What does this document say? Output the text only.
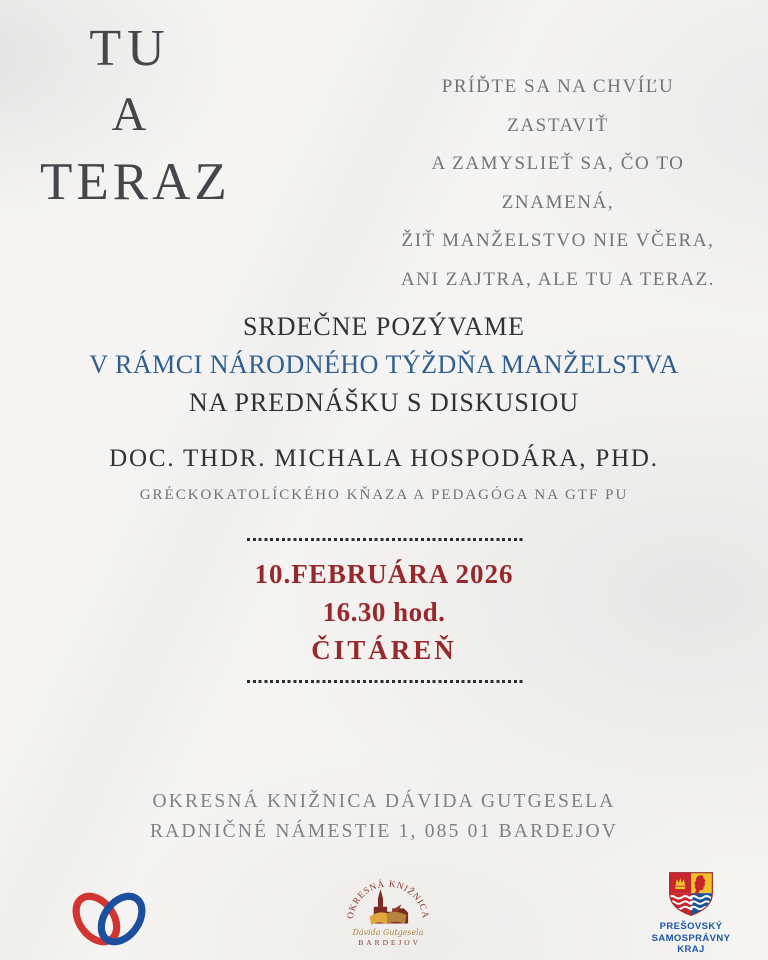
TU
A
TERAZ
PRÍĎTE SA NA CHVÍĽU ZASTAVIŤ
A ZAMYSLIEŤ SA, ČO TO ZNAMENÁ,
ŽIŤ MANŽELSTVO NIE VČERA,
ANI ZAJTRA, ALE TU A TERAZ.
SRDEČNE POZÝVAME
V RÁMCI NÁRODNÉHO TÝŽDŇA MANŽELSTVA
NA PREDNÁŠKU S DISKUSIOU
DOC. THDR. MICHALA HOSPODÁRA, PHD.
GRÉCKOKATOLÍCKÉHO KŇAZA A PEDAGÓGA NA GTF PU
10.FEBRUÁRA 2026
16.30 hod.
ČITÁREŇ
OKRESNÁ KNIŽNICA DÁVIDA GUTGESELA
RADNIČNÉ NÁMESTIE 1, 085 01 BARDEJOV
OKRESNÁ KNIŽNICA
Dávida Gutgesela
BARDEJOV
PREŠOVSKÝ
SAMOSPRÁVNY
KRAJ
